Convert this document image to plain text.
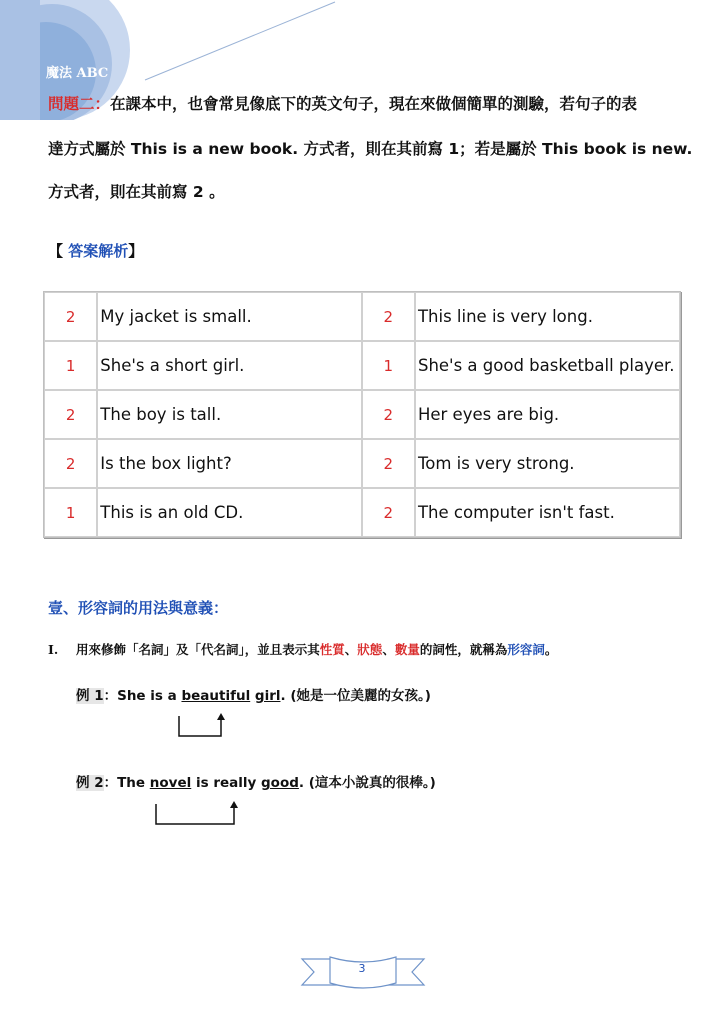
魔法 ABC
問題二：在課本中，也會常見像底下的英文句子，現在來做個簡單的測驗，若句子的表
達方式屬於 This is a new book. 方式者，則在其前寫 1；若是屬於 This book is new.
方式者，則在其前寫 2 。
【 答案解析】
2	My jacket is small.	2	This line is very long.
1	She's a short girl.	1	She's a good basketball player.
2	The boy is tall.	2	Her eyes are big.
2	Is the box light?	2	Tom is very strong.
1	This is an old CD.	2	The computer isn't fast.
壹、形容詞的用法與意義：
I. 用來修飾「名詞」及「代名詞」，並且表示其性質、狀態、數量的詞性，就稱為形容詞。
例 1：She is a beautiful girl. (她是一位美麗的女孩。)
例 2：The novel is really good. (這本小說真的很棒。)
3
